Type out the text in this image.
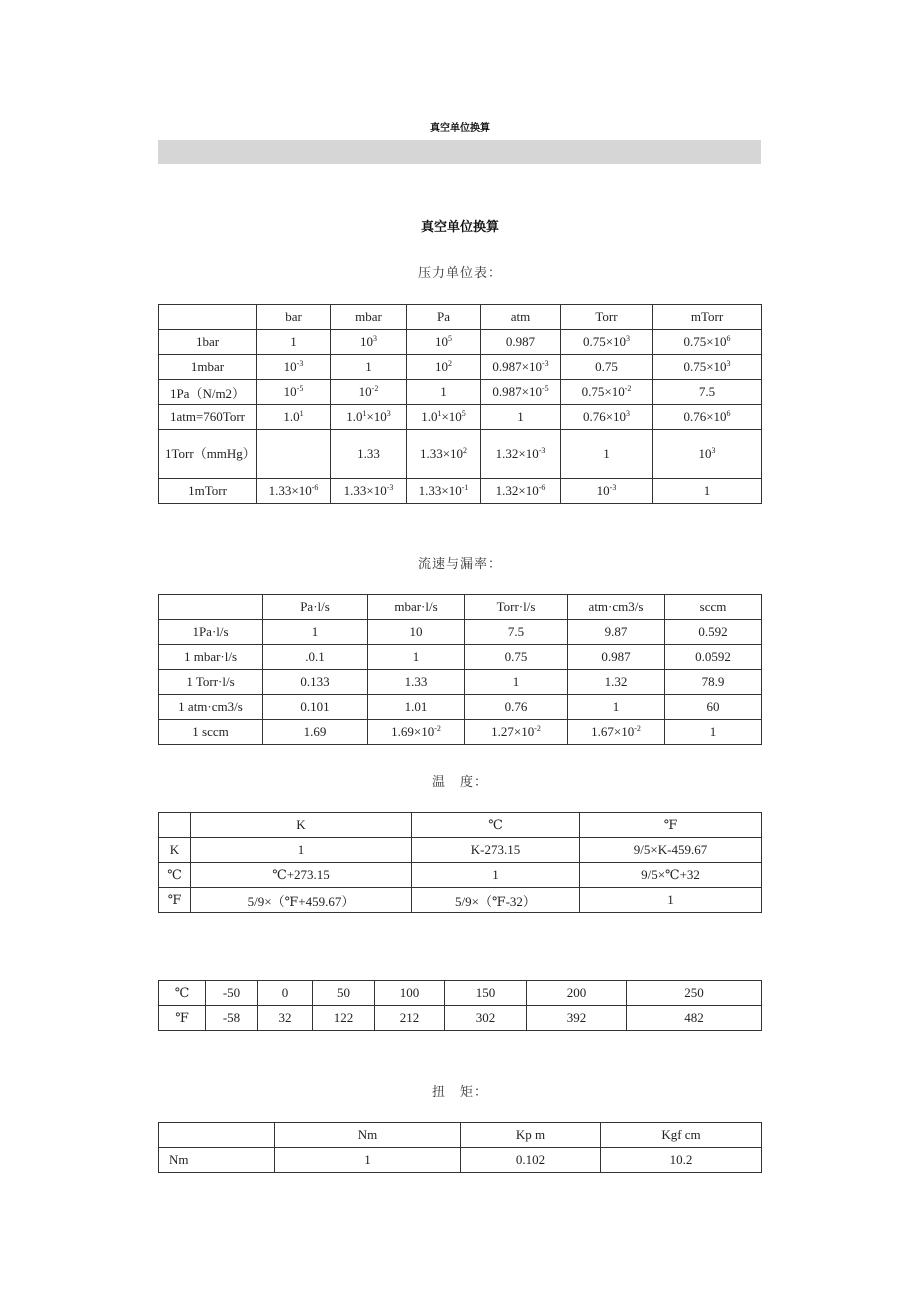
真空单位换算
真空单位换算
压力单位表：
	bar	mbar	Pa	atm	Torr	mTorr
1bar	1	$10^3$	$10^5$	0.987	$0.75\times 10^3$	$0.75\times 10^6$
1mbar	$10^{-3}$	1	$10^2$	$0.987\times 10^{-3}$	0.75	$0.75\times 10^3$
1Pa（N/m2）	$10^{-5}$	$10^{-2}$	1	$0.987\times 10^{-5}$	$0.75\times 10^{-2}$	7.5
1atm=760Torr	$1.0^1$	$1.0^1\times 10^3$	$1.0^1\times 10^5$	1	$0.76\times 10^3$	$0.76\times 10^6$
1Torr（mmHg）		1.33	$1.33\times 10^2$	$1.32\times 10^{-3}$	1	$10^3$
1mTorr	$1.33\times 10^{-6}$	$1.33\times 10^{-3}$	$1.33\times 10^{-1}$	$1.32\times 10^{-6}$	$10^{-3}$	1
流速与漏率：
	Pa·l/s	mbar·l/s	Torr·l/s	atm·cm3/s	sccm
1Pa·l/s	1	10	7.5	9.87	0.592
1 mbar·l/s	.0.1	1	0.75	0.987	0.0592
1 Torr·l/s	0.133	1.33	1	1.32	78.9
1 atm·cm3/s	0.101	1.01	0.76	1	60
1 sccm	1.69	$1.69\times 10^{-2}$	$1.27\times 10^{-2}$	$1.67\times 10^{-2}$	1
温　度：
	K	℃	℉
K	1	K-273.15	9/5×K-459.67
℃	℃+273.15	1	9/5×℃+32
℉	5/9×（℉+459.67）	5/9×（℉-32）	1
℃	-50	0	50	100	150	200	250
℉	-58	32	122	212	302	392	482
扭　矩：
	Nm	Kp m	Kgf cm
Nm	1	0.102	10.2
